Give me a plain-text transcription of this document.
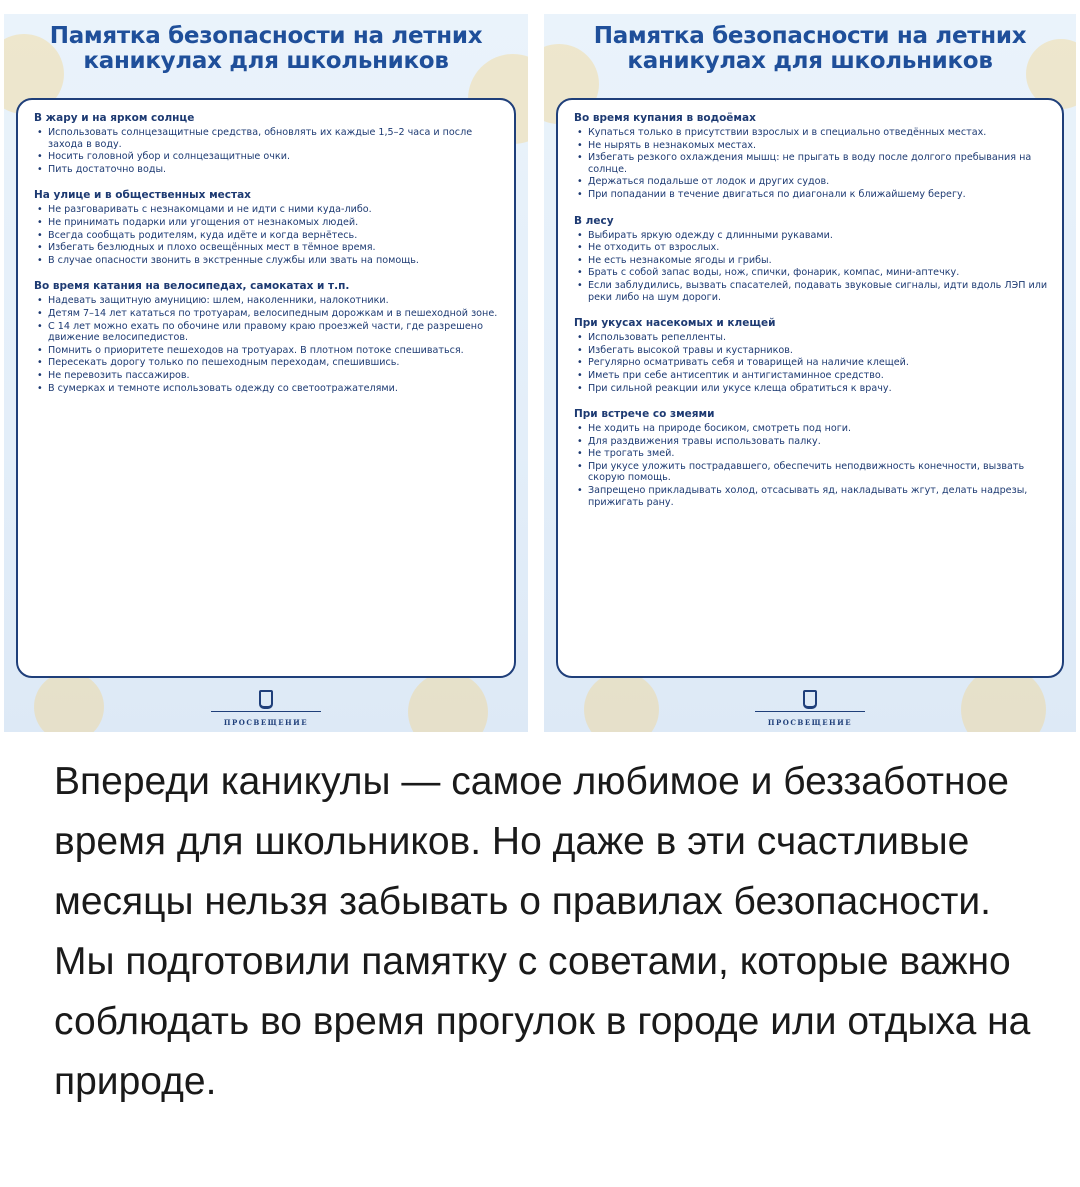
Памятка безопасности на летних каникулах для школьников
В жару и на ярком солнце
• Использовать солнцезащитные средства, обновлять их каждые 1,5–2 часа и после захода в воду.
• Носить головной убор и солнцезащитные очки.
• Пить достаточно воды.
На улице и в общественных местах
• Не разговаривать с незнакомцами и не идти с ними куда-либо.
• Не принимать подарки или угощения от незнакомых людей.
• Всегда сообщать родителям, куда идёте и когда вернётесь.
• Избегать безлюдных и плохо освещённых мест в тёмное время.
• В случае опасности звонить в экстренные службы или звать на помощь.
Во время катания на велосипедах, самокатах и т.п.
• Надевать защитную амуницию: шлем, наколенники, налокотники.
• Детям 7–14 лет кататься по тротуарам, велосипедным дорожкам и в пешеходной зоне.
• С 14 лет можно ехать по обочине или правому краю проезжей части, где разрешено движение велосипедистов.
• Помнить о приоритете пешеходов на тротуарах. В плотном потоке спешиваться.
• Пересекать дорогу только по пешеходным переходам, спешившись.
• Не перевозить пассажиров.
• В сумерках и темноте использовать одежду со светоотражателями.
ПРОСВЕЩЕНИЕ
Памятка безопасности на летних каникулах для школьников
Во время купания в водоёмах
• Купаться только в присутствии взрослых и в специально отведённых местах.
• Не нырять в незнакомых местах.
• Избегать резкого охлаждения мышц: не прыгать в воду после долгого пребывания на солнце.
• Держаться подальше от лодок и других судов.
• При попадании в течение двигаться по диагонали к ближайшему берегу.
В лесу
• Выбирать яркую одежду с длинными рукавами.
• Не отходить от взрослых.
• Не есть незнакомые ягоды и грибы.
• Брать с собой запас воды, нож, спички, фонарик, компас, мини-аптечку.
• Если заблудились, вызвать спасателей, подавать звуковые сигналы, идти вдоль ЛЭП или реки либо на шум дороги.
При укусах насекомых и клещей
• Использовать репелленты.
• Избегать высокой травы и кустарников.
• Регулярно осматривать себя и товарищей на наличие клещей.
• Иметь при себе антисептик и антигистаминное средство.
• При сильной реакции или укусе клеща обратиться к врачу.
При встрече со змеями
• Не ходить на природе босиком, смотреть под ноги.
• Для раздвижения травы использовать палку.
• Не трогать змей.
• При укусе уложить пострадавшего, обеспечить неподвижность конечности, вызвать скорую помощь.
• Запрещено прикладывать холод, отсасывать яд, накладывать жгут, делать надрезы, прижигать рану.
ПРОСВЕЩЕНИЕ
Впереди каникулы — самое любимое и беззаботное время для школьников. Но даже в эти счастливые месяцы нельзя забывать о правилах безопасности. Мы подготовили памятку с советами, которые важно соблюдать во время прогулок в городе или отдыха на природе.
